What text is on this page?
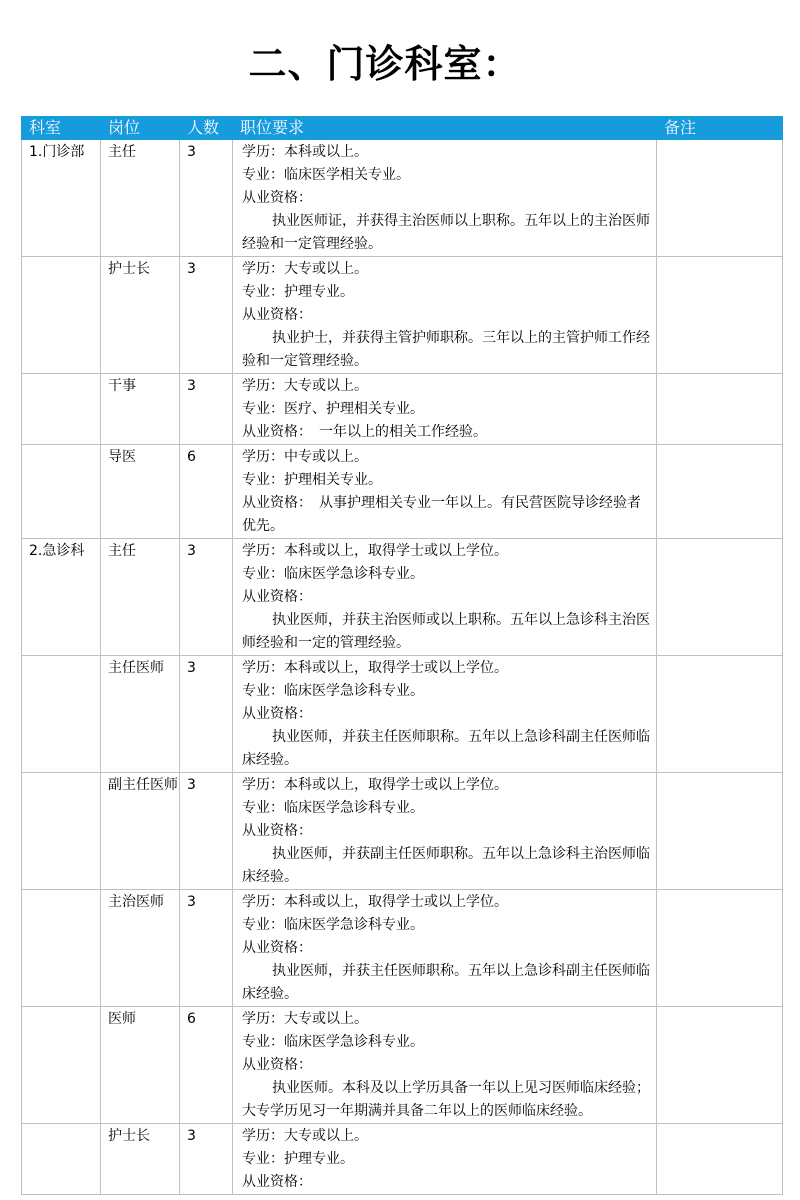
二、门诊科室：
科室	岗位	人数	职位要求	备注
1.门诊部	主任	3	学历：本科或以上。
专业：临床医学相关专业。
从业资格：
执业医师证，并获得主治医师以上职称。五年以上的主治医师经验和一定管理经验。	

	护士长	3	学历：大专或以上。
专业：护理专业。
从业资格：
执业护士，并获得主管护师职称。三年以上的主管护师工作经验和一定管理经验。	

	干事	3	学历：大专或以上。
专业：医疗、护理相关专业。
从业资格：　一年以上的相关工作经验。	

	导医	6	学历：中专或以上。
专业：护理相关专业。
从业资格：　从事护理相关专业一年以上。有民营医院导诊经验者优先。	

2.急诊科	主任	3	学历：本科或以上，取得学士或以上学位。
专业：临床医学急诊科专业。
从业资格：
执业医师，并获主治医师或以上职称。五年以上急诊科主治医师经验和一定的管理经验。	

	主任医师	3	学历：本科或以上，取得学士或以上学位。
专业：临床医学急诊科专业。
从业资格：
执业医师，并获主任医师职称。五年以上急诊科副主任医师临床经验。	

	副主任医师	3	学历：本科或以上，取得学士或以上学位。
专业：临床医学急诊科专业。
从业资格：
执业医师，并获副主任医师职称。五年以上急诊科主治医师临床经验。	

	主治医师	3	学历：本科或以上，取得学士或以上学位。
专业：临床医学急诊科专业。
从业资格：
执业医师，并获主任医师职称。五年以上急诊科副主任医师临床经验。	

	医师	6	学历：大专或以上。
专业：临床医学急诊科专业。
从业资格：
执业医师。本科及以上学历具备一年以上见习医师临床经验；大专学历见习一年期满并具备二年以上的医师临床经验。	

	护士长	3	学历：大专或以上。
专业：护理专业。
从业资格：	
